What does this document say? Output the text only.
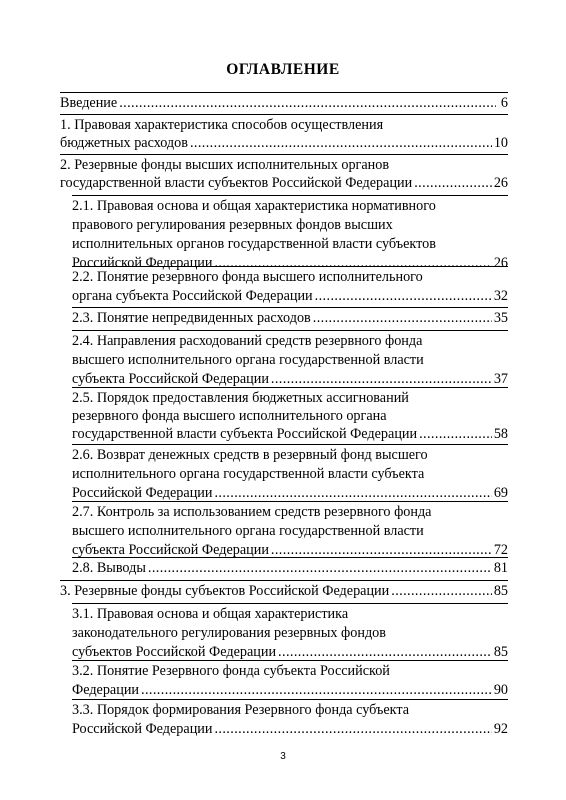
ОГЛАВЛЕНИЕ
Введение .....	6
1. Правовая характеристика способов осуществления
бюджетных расходов .....	10
2. Резервные фонды высших исполнительных органов
государственной власти субъектов Российской Федерации .....	26
2.1. Правовая основа и общая характеристика нормативного
правового регулирования резервных фондов высших
исполнительных органов государственной власти субъектов
Российской Федерации .....	26
2.2. Понятие резервного фонда высшего исполнительного
органа субъекта Российской Федерации .....	32
2.3. Понятие непредвиденных расходов .....	35
2.4. Направления расходований средств резервного фонда
высшего исполнительного органа государственной власти
субъекта Российской Федерации .....	37
2.5. Порядок предоставления бюджетных ассигнований
резервного фонда высшего исполнительного органа
государственной власти субъекта Российской Федерации .....	58
2.6. Возврат денежных средств в резервный фонд высшего
исполнительного органа государственной власти субъекта
Российской Федерации .....	69
2.7. Контроль за использованием средств резервного фонда
высшего исполнительного органа государственной власти
субъекта Российской Федерации .....	72
2.8. Выводы .....	81
3. Резервные фонды субъектов Российской Федерации .....	85
3.1. Правовая основа и общая характеристика
законодательного регулирования резервных фондов
субъектов Российской Федерации .....	85
3.2. Понятие Резервного фонда субъекта Российской
Федерации .....	90
3.3. Порядок формирования Резервного фонда субъекта
Российской Федерации .....	92
3
